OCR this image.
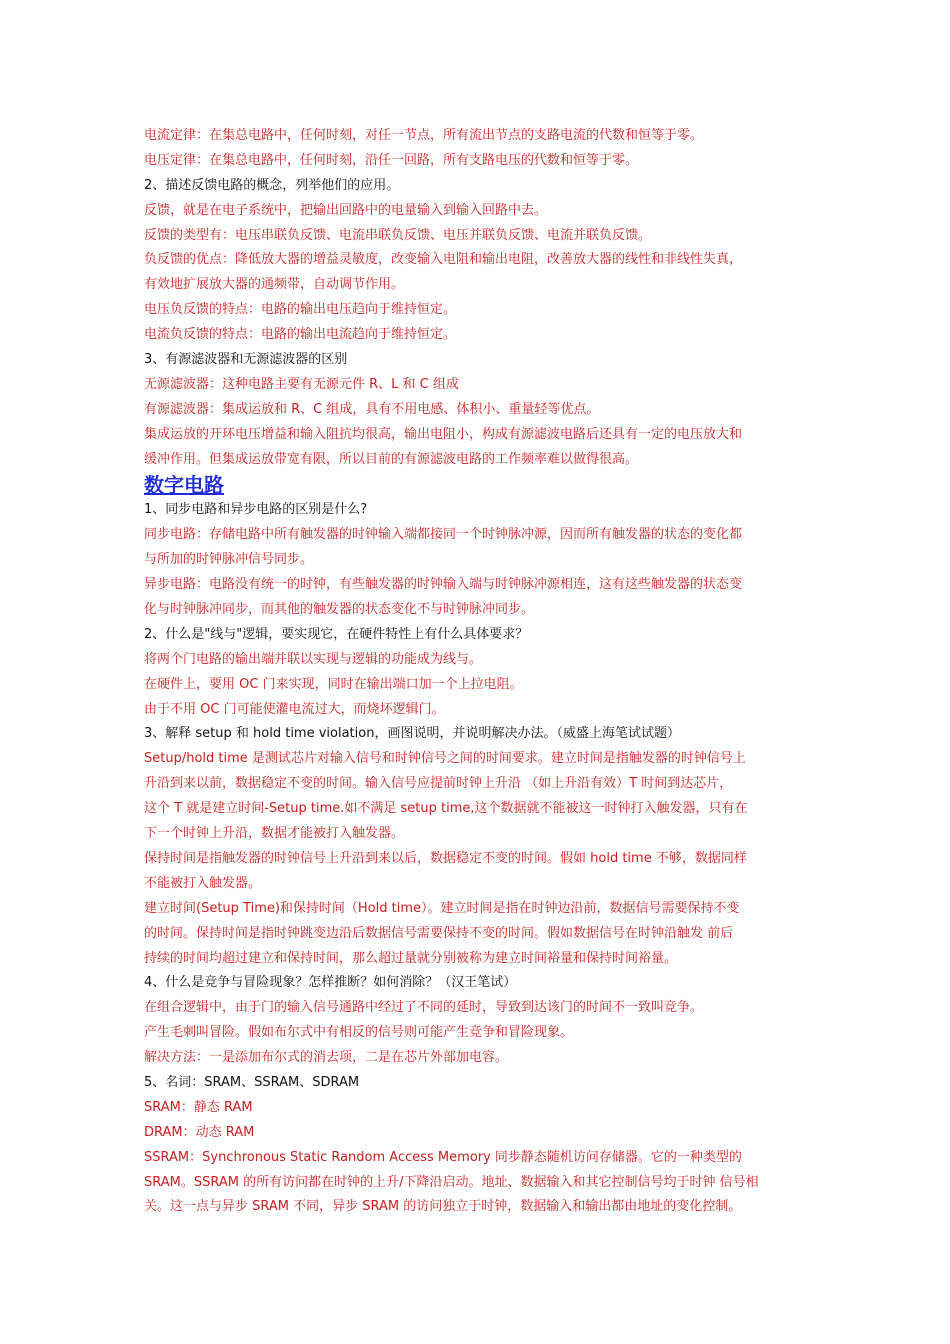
电流定律：在集总电路中，任何时刻，对任一节点，所有流出节点的支路电流的代数和恒等于零。
电压定律：在集总电路中，任何时刻，沿任一回路，所有支路电压的代数和恒等于零。
2、描述反馈电路的概念，列举他们的应用。
反馈，就是在电子系统中，把输出回路中的电量输入到输入回路中去。
反馈的类型有：电压串联负反馈、电流串联负反馈、电压并联负反馈、电流并联负反馈。
负反馈的优点：降低放大器的增益灵敏度，改变输入电阻和输出电阻，改善放大器的线性和非线性失真，
有效地扩展放大器的通频带，自动调节作用。
电压负反馈的特点：电路的输出电压趋向于维持恒定。
电流负反馈的特点：电路的输出电流趋向于维持恒定。
3、有源滤波器和无源滤波器的区别
无源滤波器：这种电路主要有无源元件 R、L 和 C 组成
有源滤波器：集成运放和 R、C 组成，具有不用电感、体积小、重量轻等优点。
集成运放的开环电压增益和输入阻抗均很高，输出电阻小，构成有源滤波电路后还具有一定的电压放大和
缓冲作用。但集成运放带宽有限，所以目前的有源滤波电路的工作频率难以做得很高。
数字电路
1、同步电路和异步电路的区别是什么?
同步电路：存储电路中所有触发器的时钟输入端都接同一个时钟脉冲源，因而所有触发器的状态的变化都
与所加的时钟脉冲信号同步。
异步电路：电路没有统一的时钟，有些触发器的时钟输入端与时钟脉冲源相连，这有这些触发器的状态变
化与时钟脉冲同步，而其他的触发器的状态变化不与时钟脉冲同步。
2、什么是"线与"逻辑，要实现它，在硬件特性上有什么具体要求？
将两个门电路的输出端并联以实现与逻辑的功能成为线与。
在硬件上，要用 OC 门来实现，同时在输出端口加一个上拉电阻。
由于不用 OC 门可能使灌电流过大，而烧坏逻辑门。
3、解释 setup 和 hold time violation，画图说明，并说明解决办法。（威盛上海笔试试题）
Setup/hold time 是测试芯片对输入信号和时钟信号之间的时间要求。建立时间是指触发器的时钟信号上
升沿到来以前，数据稳定不变的时间。输入信号应提前时钟上升沿 （如上升沿有效）T 时间到达芯片，
这个 T 就是建立时间-Setup time.如不满足 setup time,这个数据就不能被这一时钟打入触发器，只有在
下一个时钟上升沿，数据才能被打入触发器。
保持时间是指触发器的时钟信号上升沿到来以后，数据稳定不变的时间。假如 hold time 不够，数据同样
不能被打入触发器。
建立时间(Setup Time)和保持时间（Hold time）。建立时间是指在时钟边沿前，数据信号需要保持不变
的时间。保持时间是指时钟跳变边沿后数据信号需要保持不变的时间。假如数据信号在时钟沿触发 前后
持续的时间均超过建立和保持时间，那么超过量就分别被称为建立时间裕量和保持时间裕量。
4、什么是竞争与冒险现象？怎样推断？如何消除？（汉王笔试）
在组合逻辑中，由于门的输入信号通路中经过了不同的延时，导致到达该门的时间不一致叫竞争。
产生毛刺叫冒险。假如布尔式中有相反的信号则可能产生竞争和冒险现象。
解决方法：一是添加布尔式的消去项，二是在芯片外部加电容。
5、名词：SRAM、SSRAM、SDRAM
SRAM：静态 RAM
DRAM：动态 RAM
SSRAM：Synchronous Static Random Access Memory 同步静态随机访问存储器。它的一种类型的
SRAM。SSRAM 的所有访问都在时钟的上升/下降沿启动。地址、数据输入和其它控制信号均于时钟 信号相
关。这一点与异步 SRAM 不同，异步 SRAM 的访问独立于时钟，数据输入和输出都由地址的变化控制。
